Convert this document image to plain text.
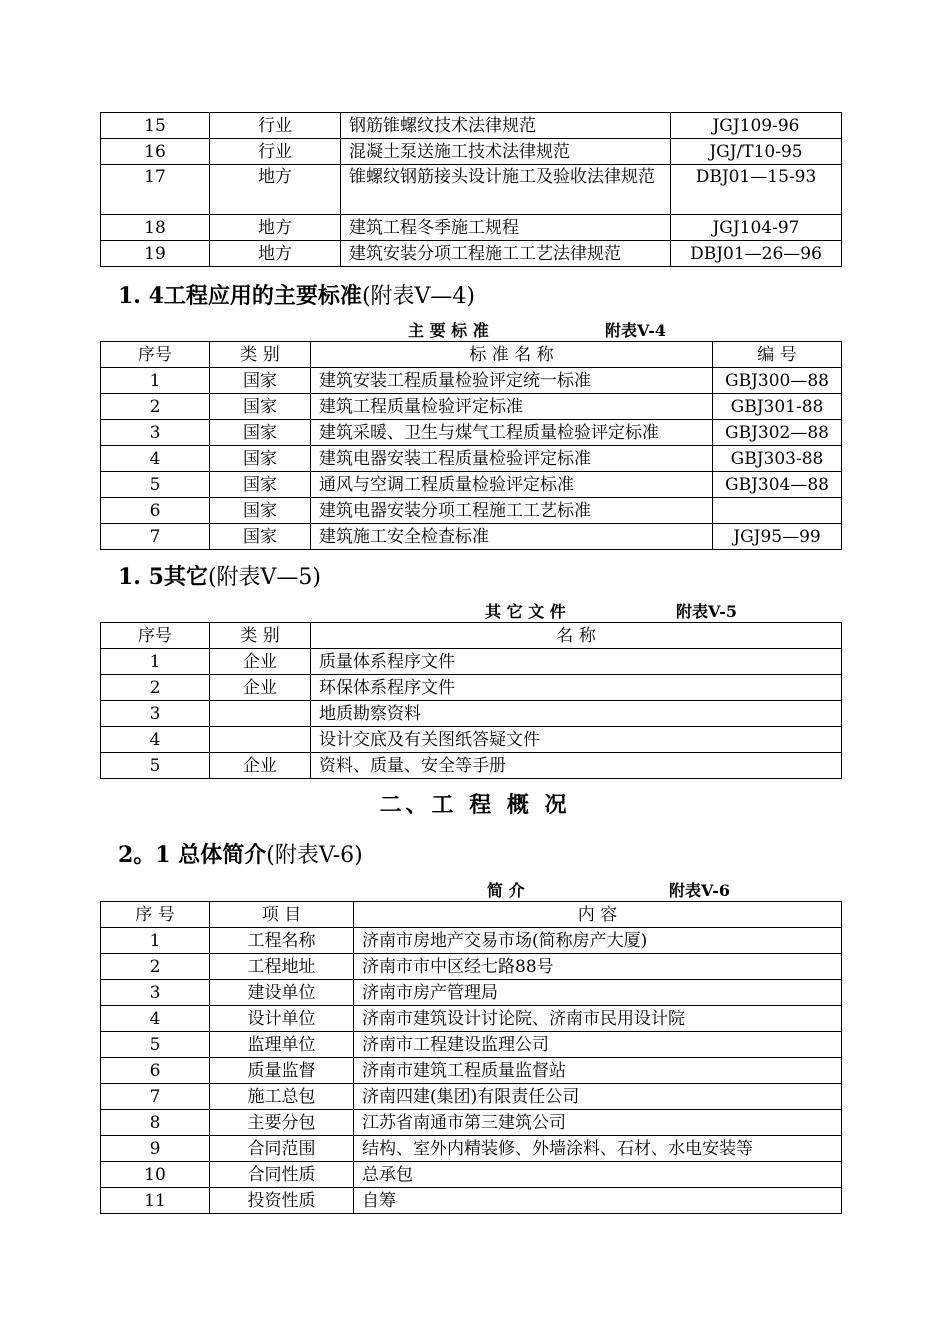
15	行业	钢筋锥螺纹技术法律规范	JGJ109-96
16	行业	混凝土泵送施工技术法律规范	JGJ/T10-95
17	地方	锥螺纹钢筋接头设计施工及验收法律规范	DBJ01—15-93
18	地方	建筑工程冬季施工规程	JGJ104-97
19	地方	建筑安装分项工程施工工艺法律规范	DBJ01—26—96
1. 4工程应用的主要标准(附表V—4)
主 要 标 准	附表V-4
序号	类 别	标 准 名 称	编 号
1	国家	建筑安装工程质量检验评定统一标准	GBJ300—88
2	国家	建筑工程质量检验评定标准	GBJ301-88
3	国家	建筑采暖、卫生与煤气工程质量检验评定标准	GBJ302—88
4	国家	建筑电器安装工程质量检验评定标准	GBJ303-88
5	国家	通风与空调工程质量检验评定标准	GBJ304—88
6	国家	建筑电器安装分项工程施工工艺标准	
7	国家	建筑施工安全检查标准	JGJ95—99
1. 5其它(附表V—5)
其 它 文 件	附表V-5
序号	类 别	名 称
1	企业	质量体系程序文件
2	企业	环保体系程序文件
3		地质勘察资料
4		设计交底及有关图纸答疑文件
5	企业	资料、质量、安全等手册
二、工 程 概 况
2。1 总体简介(附表V-6)
简 介	附表V-6
序 号	项 目	内 容
1	工程名称	济南市房地产交易市场(简称房产大厦)
2	工程地址	济南市市中区经七路88号
3	建设单位	济南市房产管理局
4	设计单位	济南市建筑设计讨论院、济南市民用设计院
5	监理单位	济南市工程建设监理公司
6	质量监督	济南市建筑工程质量监督站
7	施工总包	济南四建(集团)有限责任公司
8	主要分包	江苏省南通市第三建筑公司
9	合同范围	结构、室外内精装修、外墙涂料、石材、水电安装等
10	合同性质	总承包
11	投资性质	自筹
